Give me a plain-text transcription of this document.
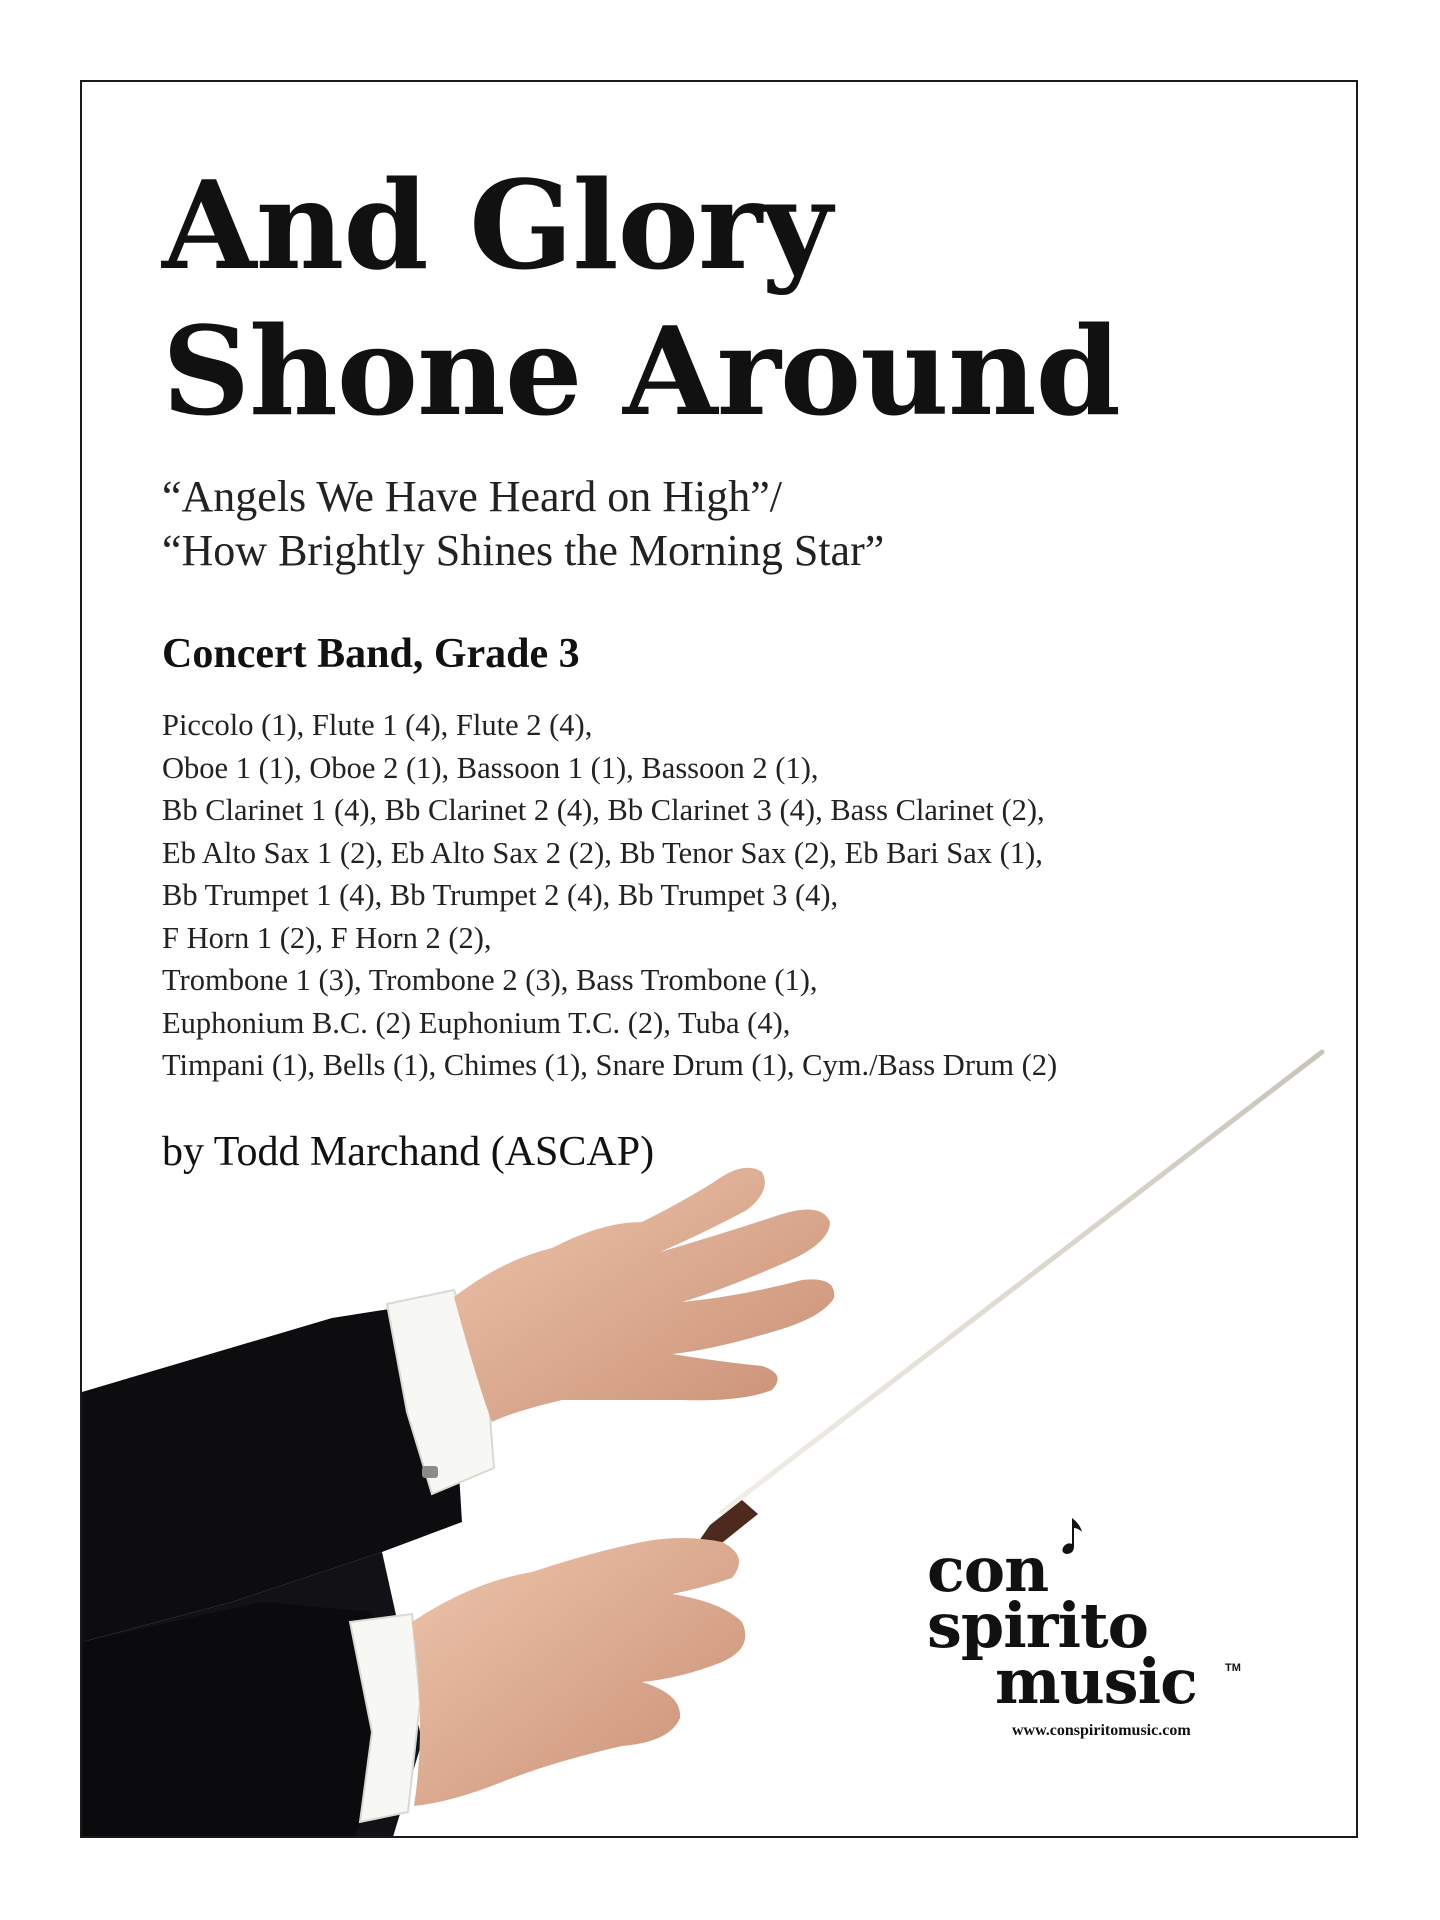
And Glory
Shone Around

“Angels We Have Heard on High”/
“How Brightly Shines the Morning Star”

Concert Band, Grade 3

Piccolo (1), Flute 1 (4), Flute 2 (4),
Oboe 1 (1), Oboe 2 (1), Bassoon 1 (1), Bassoon 2 (1),
Bb Clarinet 1 (4), Bb Clarinet 2 (4), Bb Clarinet 3 (4), Bass Clarinet (2),
Eb Alto Sax 1 (2), Eb Alto Sax 2 (2), Bb Tenor Sax (2), Eb Bari Sax (1),
Bb Trumpet 1 (4), Bb Trumpet 2 (4), Bb Trumpet 3 (4),
F Horn 1 (2), F Horn 2 (2),
Trombone 1 (3), Trombone 2 (3), Bass Trombone (1),
Euphonium B.C. (2) Euphonium T.C. (2), Tuba (4),
Timpani (1), Bells (1), Chimes (1), Snare Drum (1), Cym./Bass Drum (2)

by Todd Marchand (ASCAP)

con
spirito
music	TM
www.conspiritomusic.com
